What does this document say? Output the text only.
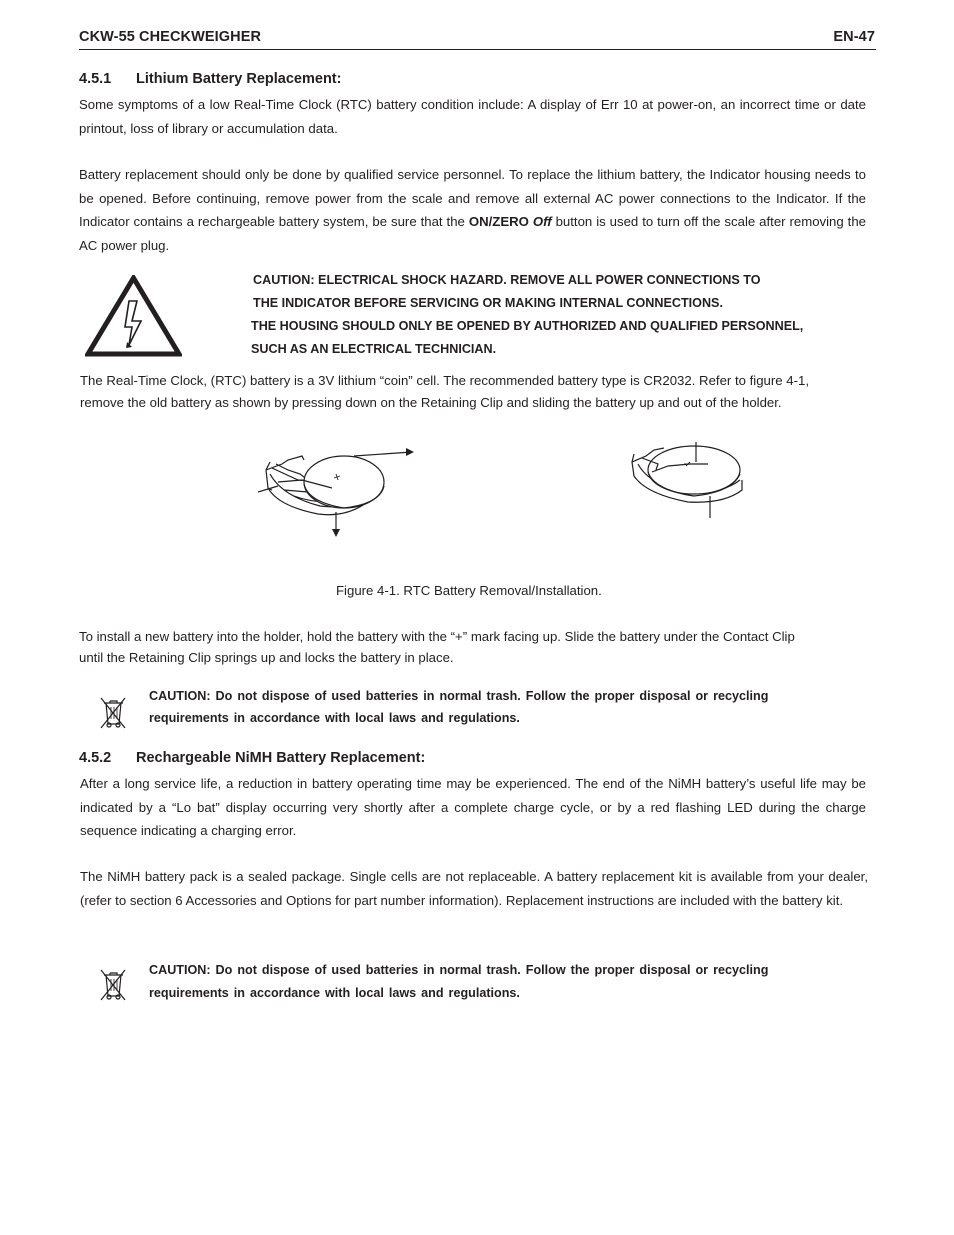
CKW-55 CHECKWEIGHER	EN-47
4.5.1 Lithium Battery Replacement:
Some symptoms of a low Real-Time Clock (RTC) battery condition include: A display of Err 10 at power-on, an incorrect time or date printout, loss of library or accumulation data.
Battery replacement should only be done by qualified service personnel. To replace the lithium battery, the Indicator housing needs to be opened. Before continuing, remove power from the scale and remove all external AC power connections to the Indicator. If the Indicator contains a rechargeable battery system, be sure that the ON/ZERO Off button is used to turn off the scale after removing the AC power plug.
CAUTION: ELECTRICAL SHOCK HAZARD. REMOVE ALL POWER CONNECTIONS TO
THE INDICATOR BEFORE SERVICING OR MAKING INTERNAL CONNECTIONS.
THE HOUSING SHOULD ONLY BE OPENED BY AUTHORIZED AND QUALIFIED PERSONNEL,
SUCH AS AN ELECTRICAL TECHNICIAN.
The Real-Time Clock, (RTC) battery is a 3V lithium “coin” cell. The recommended battery type is CR2032. Refer to figure 4-1,
remove the old battery as shown by pressing down on the Retaining Clip and sliding the battery up and out of the holder.
Figure 4-1. RTC Battery Removal/Installation.
To install a new battery into the holder, hold the battery with the “+” mark facing up. Slide the battery under the Contact Clip
until the Retaining Clip springs up and locks the battery in place.
CAUTION: Do not dispose of used batteries in normal trash. Follow the proper disposal or recycling
requirements in accordance with local laws and regulations.
4.5.2 Rechargeable NiMH Battery Replacement:
After a long service life, a reduction in battery operating time may be experienced. The end of the NiMH battery’s useful life may be indicated by a “Lo bat” display occurring very shortly after a complete charge cycle, or by a red flashing LED during the charge sequence indicating a charging error.
The NiMH battery pack is a sealed package. Single cells are not replaceable. A battery replacement kit is available from your dealer, (refer to section 6 Accessories and Options for part number information). Replacement instructions are included with the battery kit.
CAUTION: Do not dispose of used batteries in normal trash. Follow the proper disposal or recycling
requirements in accordance with local laws and regulations.
